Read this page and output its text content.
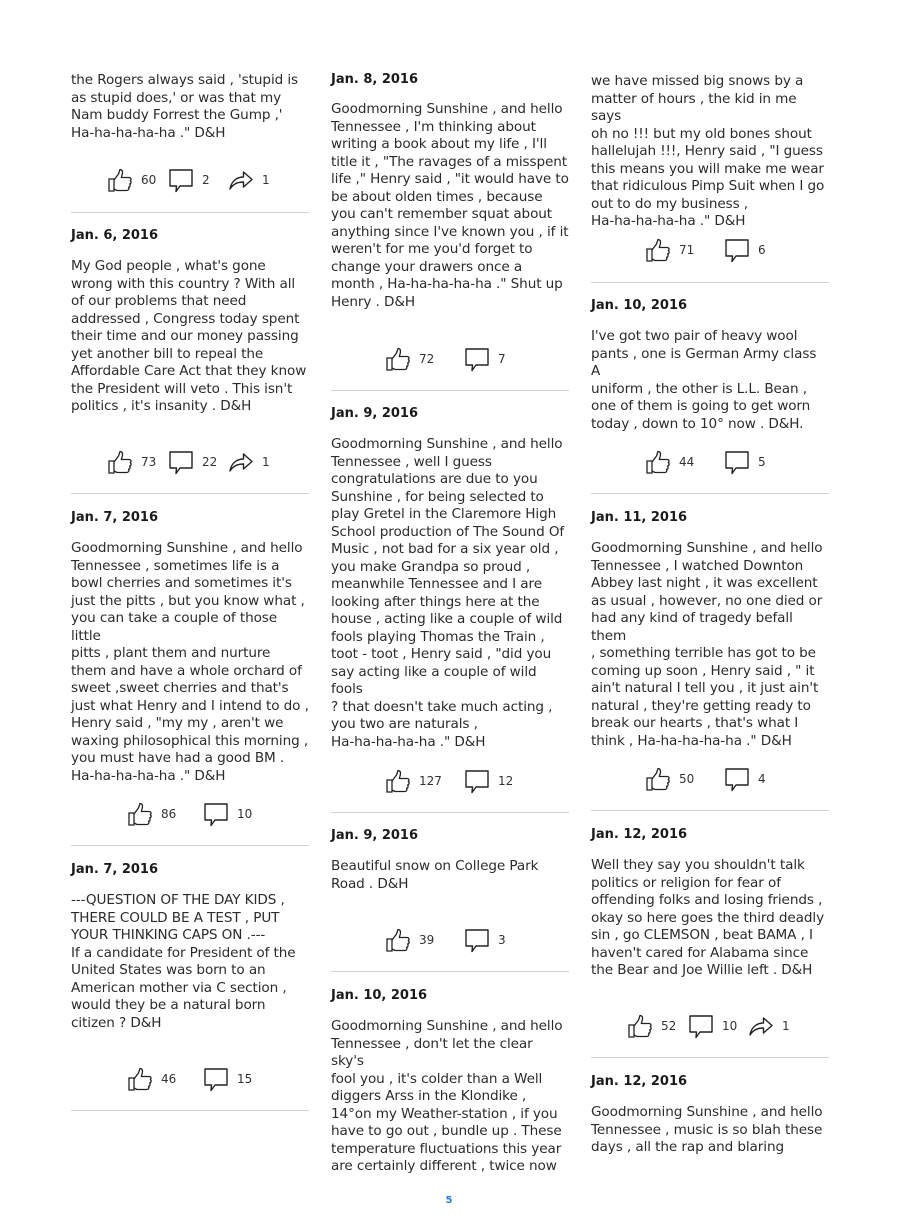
the Rogers always said , 'stupid is
as stupid does,' or was that my
Nam buddy Forrest the Gump ,'
Ha-ha-ha-ha-ha ." D&H
60	2	1
Jan. 6, 2016
My God people , what's gone
wrong with this country ? With all
of our problems that need
addressed , Congress today spent
their time and our money passing
yet another bill to repeal the
Affordable Care Act that they know
the President will veto . This isn't
politics , it's insanity . D&H
73	22	1
Jan. 7, 2016
Goodmorning Sunshine , and hello
Tennessee , sometimes life is a
bowl cherries and sometimes it's
just the pitts , but you know what ,
you can take a couple of those little
pitts , plant them and nurture
them and have a whole orchard of
sweet ,sweet cherries and that's
just what Henry and I intend to do ,
Henry said , "my my , aren't we
waxing philosophical this morning ,
you must have had a good BM .
Ha-ha-ha-ha-ha ." D&H
86	10
Jan. 7, 2016
---QUESTION OF THE DAY KIDS ,
THERE COULD BE A TEST , PUT
YOUR THINKING CAPS ON .---
If a candidate for President of the
United States was born to an
American mother via C section ,
would they be a natural born
citizen ? D&H
46	15
Jan. 8, 2016
Goodmorning Sunshine , and hello
Tennessee , I'm thinking about
writing a book about my life , I'll
title it , "The ravages of a misspent
life ," Henry said , "it would have to
be about olden times , because
you can't remember squat about
anything since I've known you , if it
weren't for me you'd forget to
change your drawers once a
month , Ha-ha-ha-ha-ha ." Shut up
Henry . D&H
72	7
Jan. 9, 2016
Goodmorning Sunshine , and hello
Tennessee , well I guess
congratulations are due to you
Sunshine , for being selected to
play Gretel in the Claremore High
School production of The Sound Of
Music , not bad for a six year old ,
you make Grandpa so proud ,
meanwhile Tennessee and I are
looking after things here at the
house , acting like a couple of wild
fools playing Thomas the Train ,
toot - toot , Henry said , "did you
say acting like a couple of wild fools
? that doesn't take much acting ,
you two are naturals ,
Ha-ha-ha-ha-ha ." D&H
127	12
Jan. 9, 2016
Beautiful snow on College Park
Road . D&H
39	3
Jan. 10, 2016
Goodmorning Sunshine , and hello
Tennessee , don't let the clear sky's
fool you , it's colder than a Well
diggers Arss in the Klondike ,
14°on my Weather-station , if you
have to go out , bundle up . These
temperature fluctuations this year
are certainly different , twice now
we have missed big snows by a
matter of hours , the kid in me says
oh no !!! but my old bones shout
hallelujah !!!, Henry said , "I guess
this means you will make me wear
that ridiculous Pimp Suit when I go
out to do my business ,
Ha-ha-ha-ha-ha ." D&H
71	6
Jan. 10, 2016
I've got two pair of heavy wool
pants , one is German Army class A
uniform , the other is L.L. Bean ,
one of them is going to get worn
today , down to 10° now . D&H.
44	5
Jan. 11, 2016
Goodmorning Sunshine , and hello
Tennessee , I watched Downton
Abbey last night , it was excellent
as usual , however, no one died or
had any kind of tragedy befall them
, something terrible has got to be
coming up soon , Henry said , " it
ain't natural I tell you , it just ain't
natural , they're getting ready to
break our hearts , that's what I
think , Ha-ha-ha-ha-ha ." D&H
50	4
Jan. 12, 2016
Well they say you shouldn't talk
politics or religion for fear of
offending folks and losing friends ,
okay so here goes the third deadly
sin , go CLEMSON , beat BAMA , I
haven't cared for Alabama since
the Bear and Joe Willie left . D&H
52	10	1
Jan. 12, 2016
Goodmorning Sunshine , and hello
Tennessee , music is so blah these
days , all the rap and blaring
5
